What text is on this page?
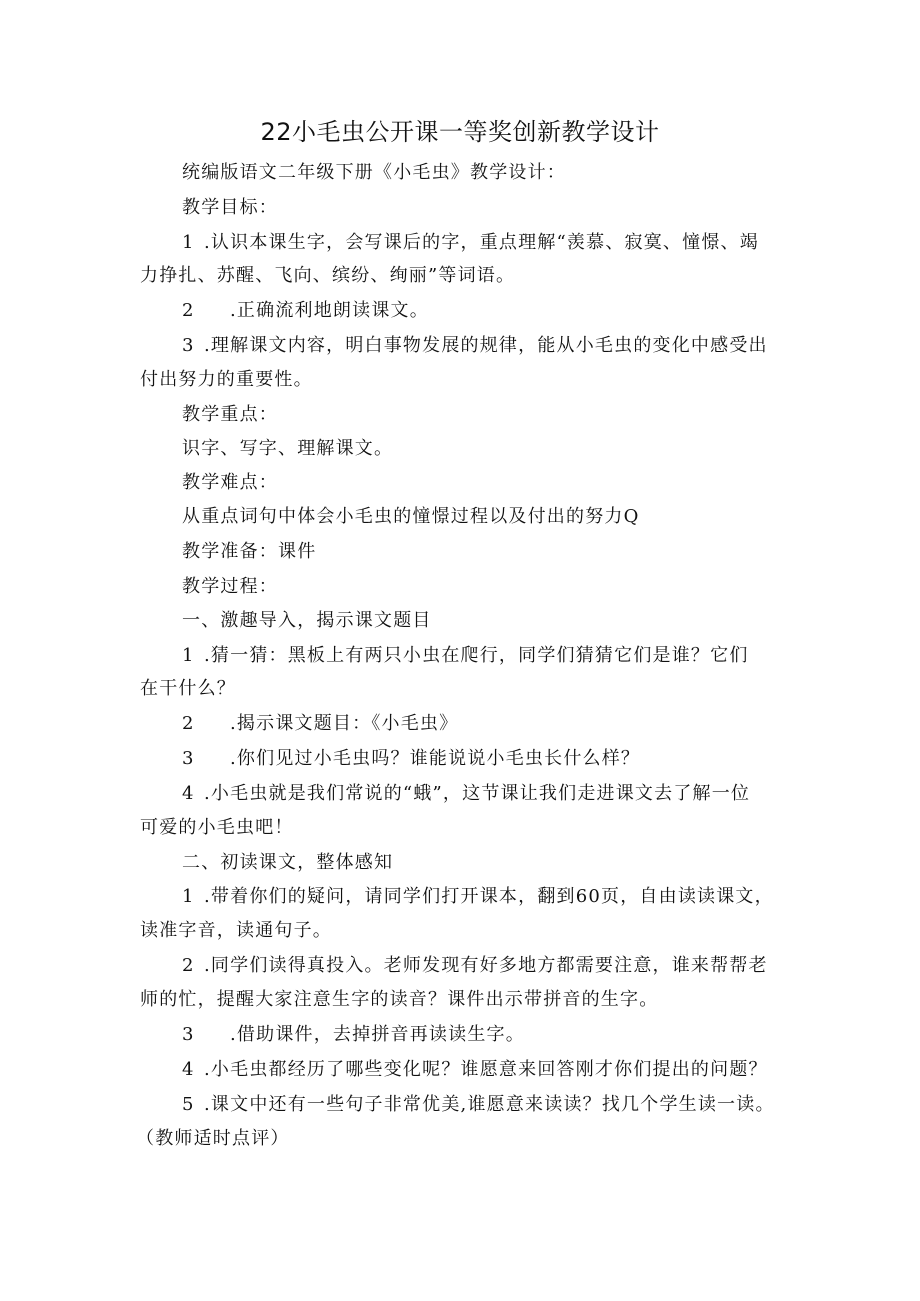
22小毛虫公开课一等奖创新教学设计
统编版语文二年级下册《小毛虫》教学设计：
教学目标：
1 .认识本课生字，会写课后的字，重点理解“羡慕、寂寞、憧憬、竭
力挣扎、苏醒、飞向、缤纷、绚丽”等词语。
2 .正确流利地朗读课文。
3 .理解课文内容，明白事物发展的规律，能从小毛虫的变化中感受出
付出努力的重要性。
教学重点：
识字、写字、理解课文。
教学难点：
从重点词句中体会小毛虫的憧憬过程以及付出的努力Q
教学准备：课件
教学过程：
一、激趣导入，揭示课文题目
1 .猜一猜：黑板上有两只小虫在爬行，同学们猜猜它们是谁？它们
在干什么？
2 .揭示课文题目：《小毛虫》
3 .你们见过小毛虫吗？谁能说说小毛虫长什么样？
4 .小毛虫就是我们常说的“蛾”，这节课让我们走进课文去了解一位
可爱的小毛虫吧！
二、初读课文，整体感知
1 .带着你们的疑问，请同学们打开课本，翻到60页，自由读读课文，
读准字音，读通句子。
2 .同学们读得真投入。老师发现有好多地方都需要注意，谁来帮帮老
师的忙，提醒大家注意生字的读音？课件出示带拼音的生字。
3 .借助课件，去掉拼音再读读生字。
4 .小毛虫都经历了哪些变化呢？谁愿意来回答刚才你们提出的问题？
5 .课文中还有一些句子非常优美,谁愿意来读读？找几个学生读一读。
（教师适时点评）
